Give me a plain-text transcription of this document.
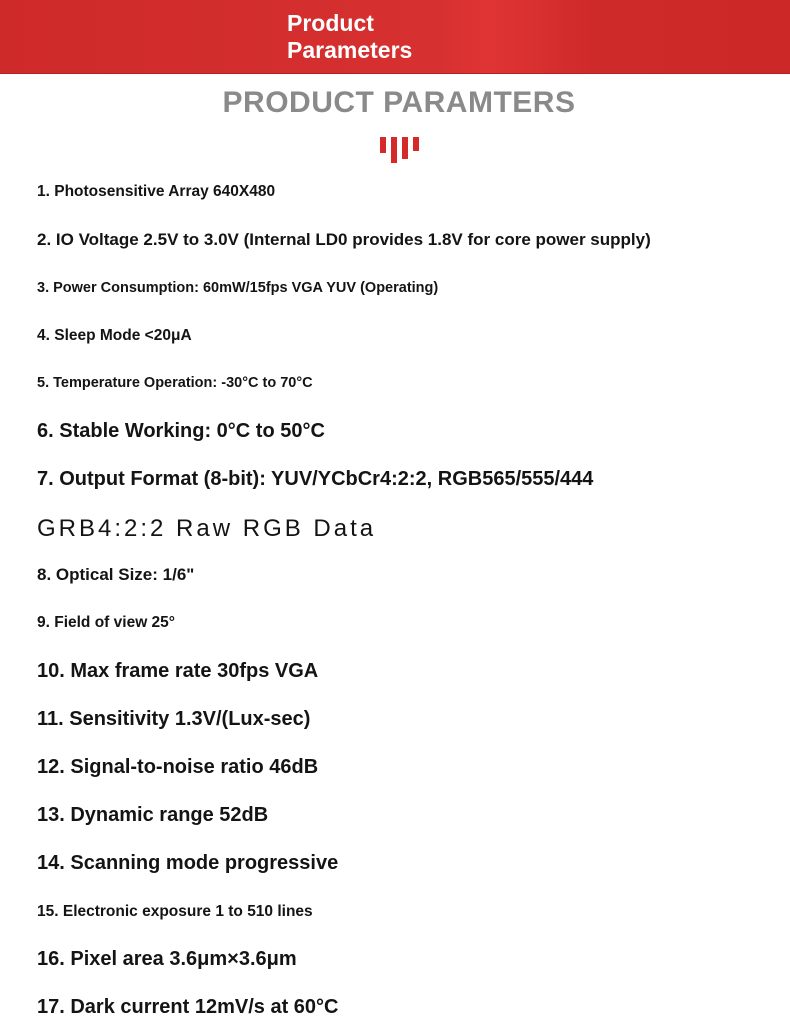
Product
Parameters
PRODUCT PARAMTERS
1. Photosensitive Array 640X480
2. IO Voltage 2.5V to 3.0V (Internal LD0 provides 1.8V for core power supply)
3. Power Consumption: 60mW/15fps VGA YUV (Operating)
4. Sleep Mode <20μA
5. Temperature Operation: -30°C to 70°C
6. Stable Working: 0°C to 50°C
7. Output Format (8-bit): YUV/YCbCr4:2:2, RGB565/555/444
GRB4:2:2 Raw RGB Data
8. Optical Size: 1/6"
9. Field of view 25°
10. Max frame rate 30fps VGA
11. Sensitivity 1.3V/(Lux-sec)
12. Signal-to-noise ratio 46dB
13. Dynamic range 52dB
14. Scanning mode progressive
15. Electronic exposure 1 to 510 lines
16. Pixel area 3.6μm×3.6μm
17. Dark current 12mV/s at 60°C
